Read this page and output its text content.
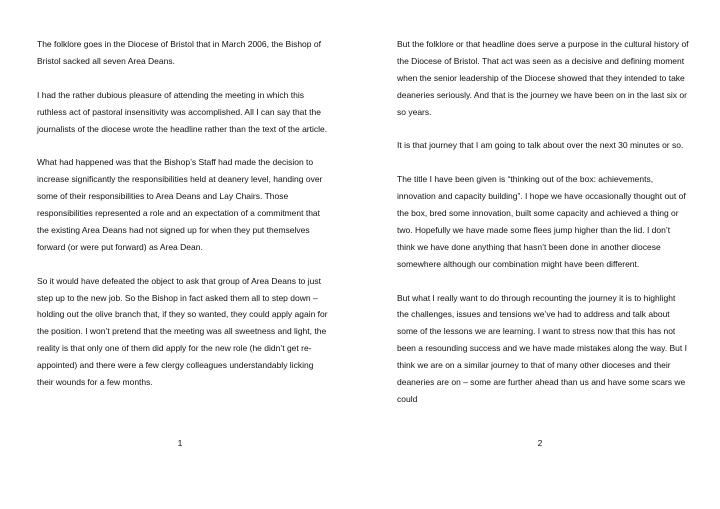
The folklore goes in the Diocese of Bristol that in March 2006, the Bishop of Bristol sacked all seven Area Deans.

I had the rather dubious pleasure of attending the meeting in which this ruthless act of pastoral insensitivity was accomplished. All I can say that the journalists of the diocese wrote the headline rather than the text of the article.

What had happened was that the Bishop’s Staff had made the decision to increase significantly the responsibilities held at deanery level, handing over some of their responsibilities to Area Deans and Lay Chairs. Those responsibilities represented a role and an expectation of a commitment that the existing Area Deans had not signed up for when they put themselves forward (or were put forward) as Area Dean.

So it would have defeated the object to ask that group of Area Deans to just step up to the new job. So the Bishop in fact asked them all to step down – holding out the olive branch that, if they so wanted, they could apply again for the position. I won’t pretend that the meeting was all sweetness and light, the reality is that only one of them did apply for the new role (he didn’t get re-appointed) and there were a few clergy colleagues understandably licking their wounds for a few months.

But the folklore or that headline does serve a purpose in the cultural history of the Diocese of Bristol. That act was seen as a decisive and defining moment when the senior leadership of the Diocese showed that they intended to take deaneries seriously. And that is the journey we have been on in the last six or so years.

It is that journey that I am going to talk about over the next 30 minutes or so.

The title I have been given is “thinking out of the box: achievements, innovation and capacity building”. I hope we have occasionally thought out of the box, bred some innovation, built some capacity and achieved a thing or two. Hopefully we have made some flees jump higher than the lid. I don’t think we have done anything that hasn’t been done in another diocese somewhere although our combination might have been different.

But what I really want to do through recounting the journey it is to highlight the challenges, issues and tensions we’ve had to address and talk about some of the lessons we are learning. I want to stress now that this has not been a resounding success and we have made mistakes along the way. But I think we are on a similar journey to that of many other dioceses and their deaneries are on – some are further ahead than us and have some scars we could

1	2
